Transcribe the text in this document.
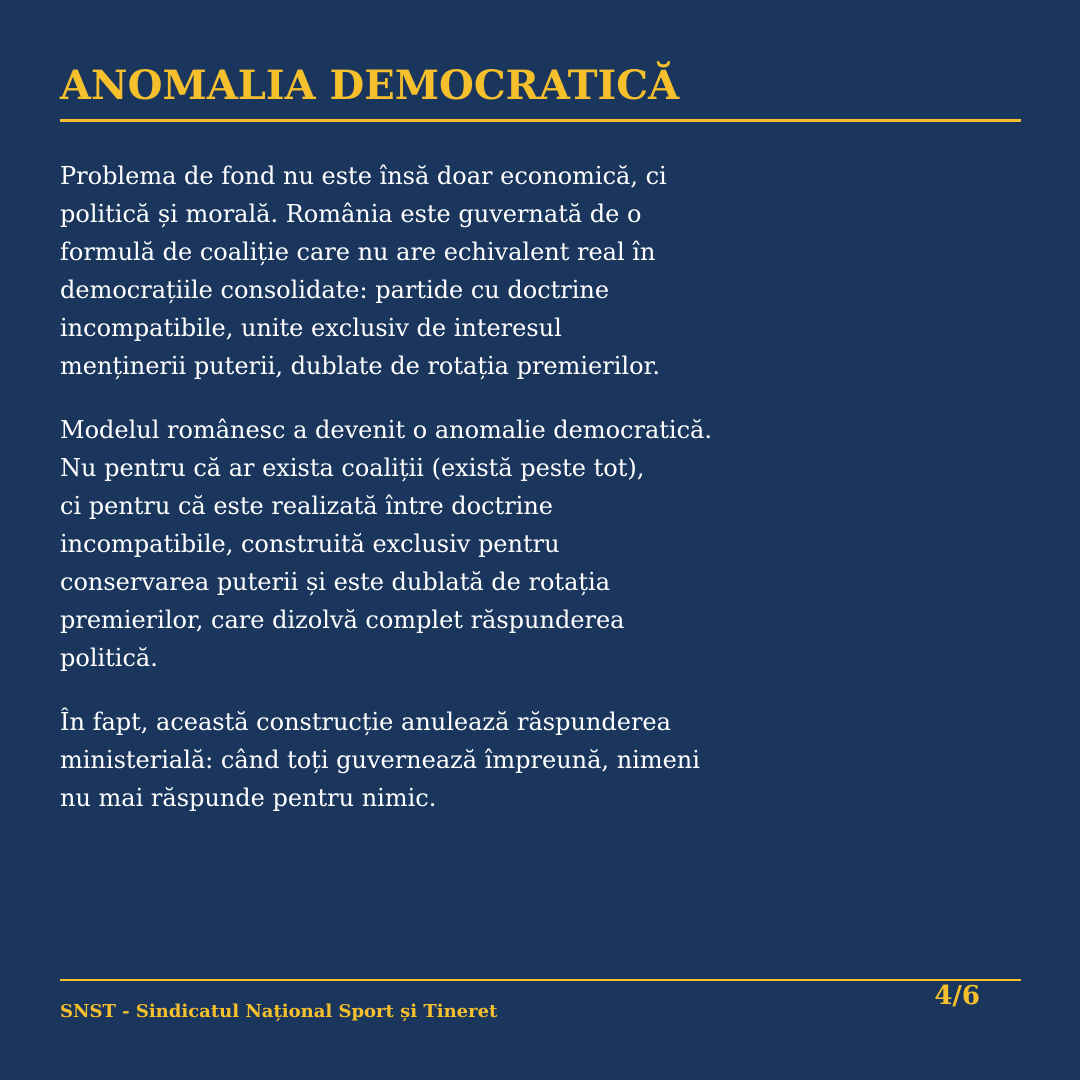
ANOMALIA DEMOCRATICĂ
Problema de fond nu este însă doar economică, ci
politică și morală. România este guvernată de o
formulă de coaliție care nu are echivalent real în
democrațiile consolidate: partide cu doctrine
incompatibile, unite exclusiv de interesul
menținerii puterii, dublate de rotația premierilor.
Modelul românesc a devenit o anomalie democratică.
Nu pentru că ar exista coaliții (există peste tot),
ci pentru că este realizată între doctrine
incompatibile, construită exclusiv pentru
conservarea puterii și este dublată de rotația
premierilor, care dizolvă complet răspunderea
politică.
În fapt, această construcție anulează răspunderea
ministerială: când toți guvernează împreună, nimeni
nu mai răspunde pentru nimic.
SNST - Sindicatul Național Sport și Tineret
4/6
